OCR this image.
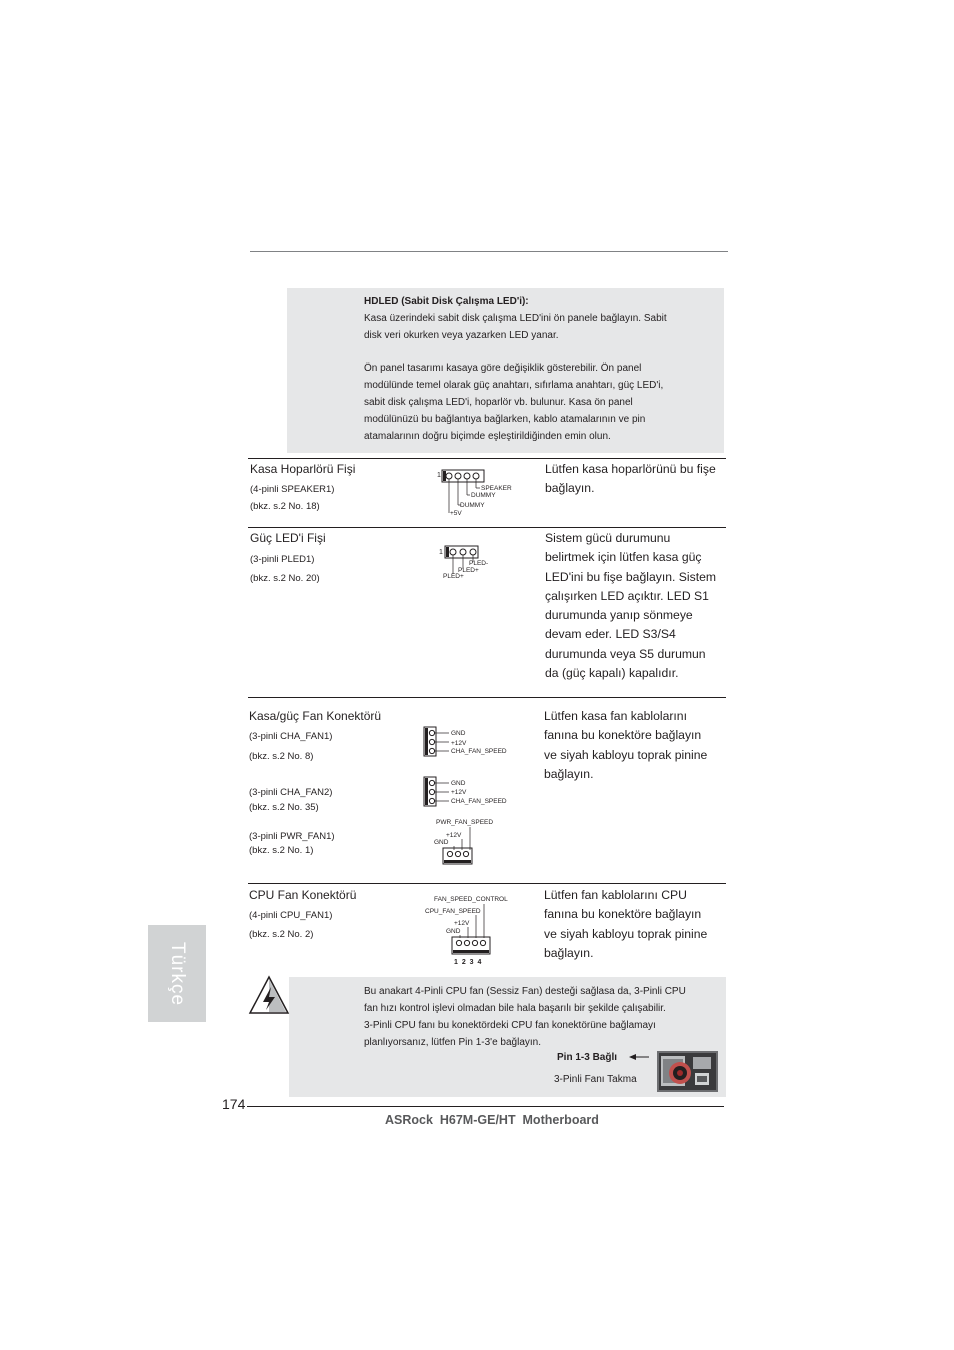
HDLED (Sabit Disk Çalışma LED'i):
Kasa üzerindeki sabit disk çalışma LED'ini ön panele bağlayın. Sabit
disk veri okurken veya yazarken LED yanar.
Ön panel tasarımı kasaya göre değişiklik gösterebilir. Ön panel
modülünde temel olarak güç anahtarı, sıfırlama anahtarı, güç LED'i,
sabit disk çalışma LED'i, hoparlör vb. bulunur. Kasa ön panel
modülünüzü bu bağlantıya bağlarken, kablo atamalarının ve pin
atamalarının doğru biçimde eşleştirildiğinden emin olun.
Kasa Hoparlörü Fişi
(4-pinli SPEAKER1)
(bkz. s.2 No. 18)
1
SPEAKER
DUMMY
DUMMY
+5V
Lütfen kasa hoparlörünü bu fişe
bağlayın.
Güç LED'i Fişi
(3-pinli PLED1)
(bkz. s.2 No. 20)
1
PLED-
PLED+
PLED+
Sistem gücü durumunu
belirtmek için lütfen kasa güç
LED'ini bu fişe bağlayın. Sistem
çalışırken LED açıktır. LED S1
durumunda yanıp sönmeye
devam eder. LED S3/S4
durumunda veya S5 durumun
da (güç kapalı) kapalıdır.
Kasa/güç Fan Konektörü
(3-pinli CHA_FAN1)
(bkz. s.2 No. 8)
(3-pinli CHA_FAN2)
(bkz. s.2 No. 35)
(3-pinli PWR_FAN1)
(bkz. s.2 No. 1)
GND
+12V
CHA_FAN_SPEED
GND
+12V
CHA_FAN_SPEED
PWR_FAN_SPEED
+12V
GND
Lütfen kasa fan kablolarını
fanına bu konektöre bağlayın
ve siyah kabloyu toprak pinine
bağlayın.
CPU Fan Konektörü
(4-pinli CPU_FAN1)
(bkz. s.2 No. 2)
FAN_SPEED_CONTROL
CPU_FAN_SPEED
+12V
GND
1 2 3 4
Lütfen fan kablolarını CPU
fanına bu konektöre bağlayın
ve siyah kabloyu toprak pinine
bağlayın.
Türkçe	Bu anakart 4-Pinli CPU fan (Sessiz Fan) desteği sağlasa da, 3-Pinli CPU
fan hızı kontrol işlevi olmadan bile hala başarılı bir şekilde çalışabilir.
3-Pinli CPU fanı bu konektördeki CPU fan konektörüne bağlamayı
planlıyorsanız, lütfen Pin 1-3'e bağlayın.
Pin 1-3 Bağlı
3-Pinli Fanı Takma
174
ASRock  H67M-GE/HT  Motherboard
